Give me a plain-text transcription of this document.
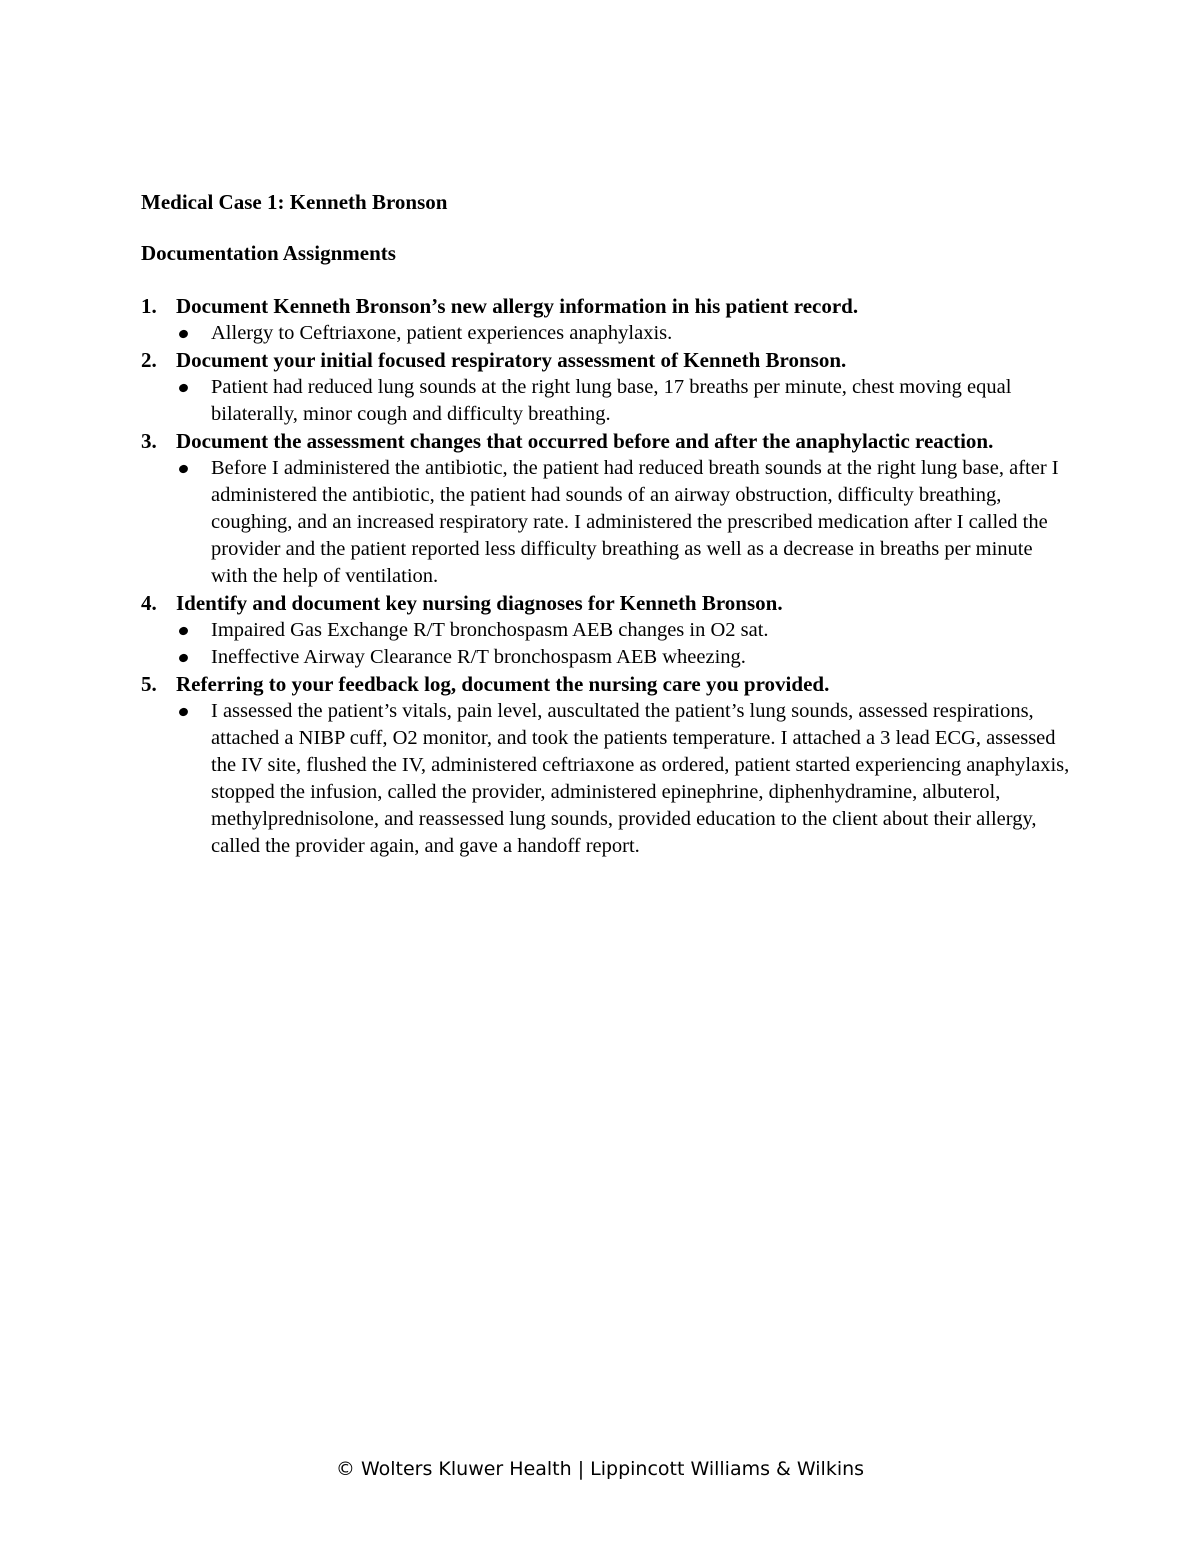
Medical Case 1: Kenneth Bronson

Documentation Assignments

1. Document Kenneth Bronson’s new allergy information in his patient record.
Allergy to Ceftriaxone, patient experiences anaphylaxis.
2. Document your initial focused respiratory assessment of Kenneth Bronson.
Patient had reduced lung sounds at the right lung base, 17 breaths per minute, chest moving equal bilaterally, minor cough and difficulty breathing.
3. Document the assessment changes that occurred before and after the anaphylactic reaction.
Before I administered the antibiotic, the patient had reduced breath sounds at the right lung base, after I administered the antibiotic, the patient had sounds of an airway obstruction, difficulty breathing, coughing, and an increased respiratory rate. I administered the prescribed medication after I called the provider and the patient reported less difficulty breathing as well as a decrease in breaths per minute with the help of ventilation.
4. Identify and document key nursing diagnoses for Kenneth Bronson.
Impaired Gas Exchange R/T bronchospasm AEB changes in O2 sat.
Ineffective Airway Clearance R/T bronchospasm AEB wheezing.
5. Referring to your feedback log, document the nursing care you provided.
I assessed the patient’s vitals, pain level, auscultated the patient’s lung sounds, assessed respirations, attached a NIBP cuff, O2 monitor, and took the patients temperature. I attached a 3 lead ECG, assessed the IV site, flushed the IV, administered ceftriaxone as ordered, patient started experiencing anaphylaxis, stopped the infusion, called the provider, administered epinephrine, diphenhydramine, albuterol, methylprednisolone, and reassessed lung sounds, provided education to the client about their allergy, called the provider again, and gave a handoff report.
© Wolters Kluwer Health | Lippincott Williams & Wilkins
